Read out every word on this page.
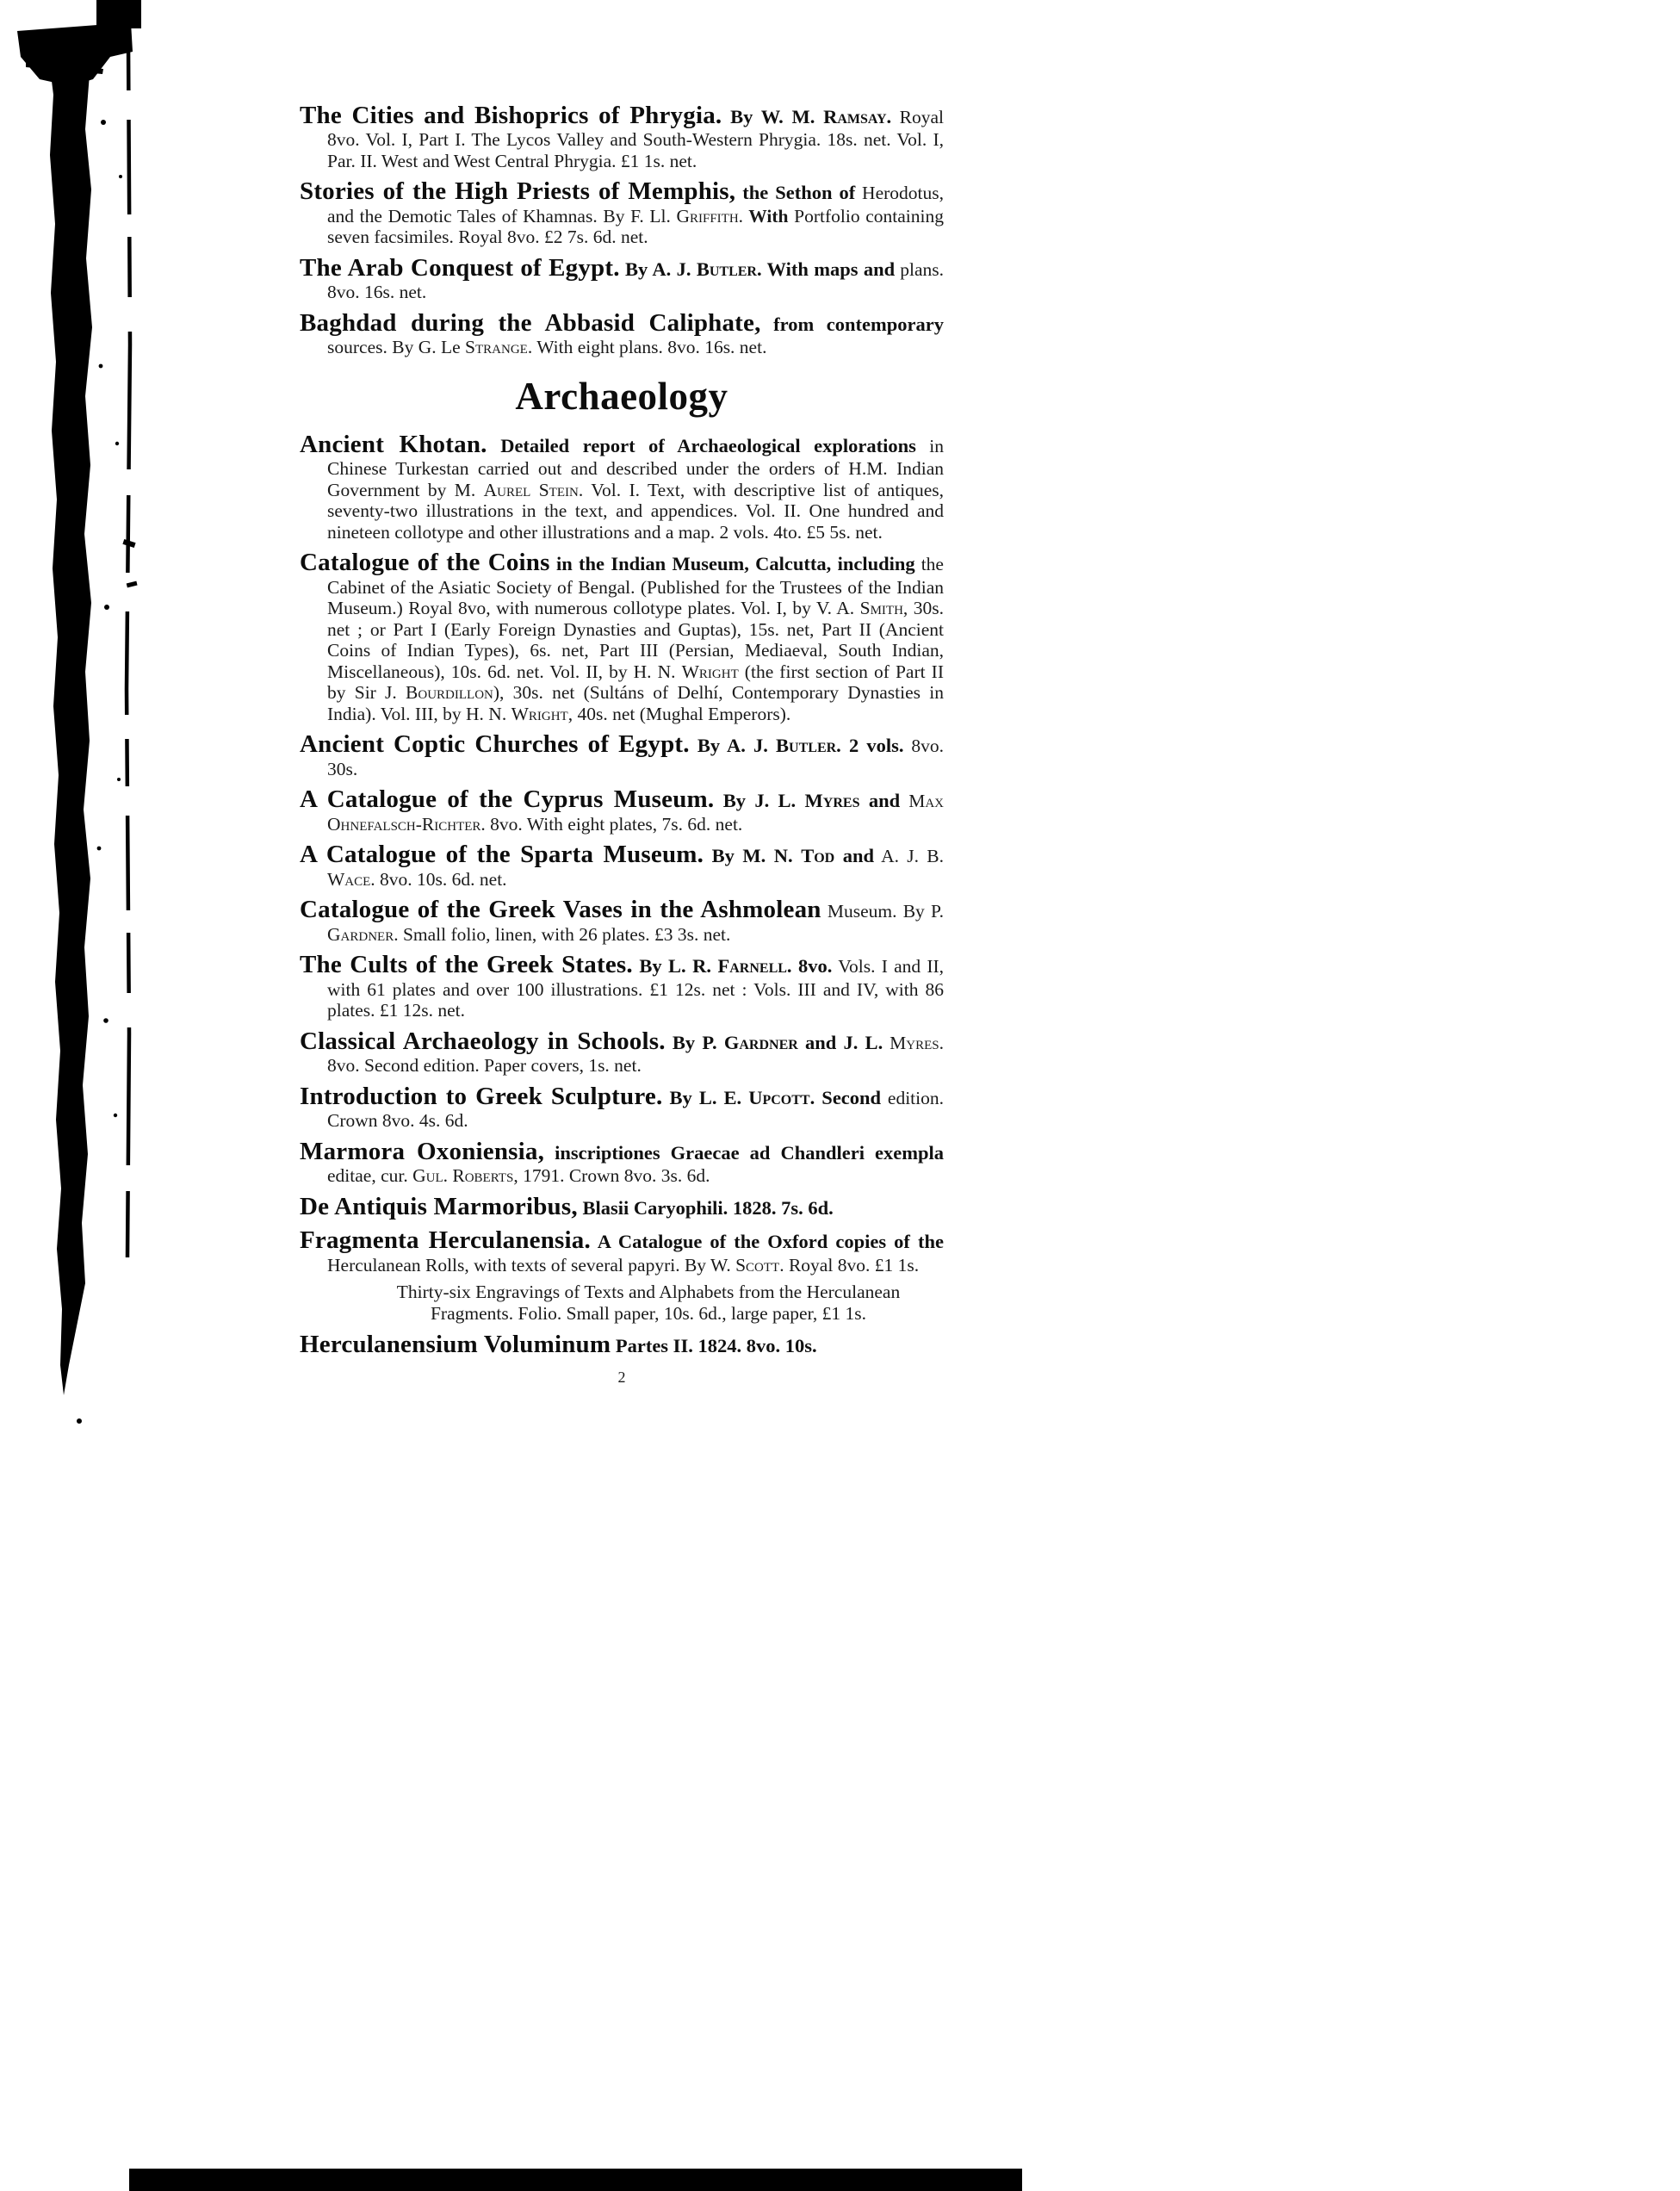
The Cities and Bishoprics of Phrygia. By W. M. Ramsay. Royal 8vo. Vol. I, Part I. The Lycos Valley and South-Western Phrygia. 18s. net. Vol. I, Par. II. West and West Central Phrygia. £1 1s. net.

Stories of the High Priests of Memphis, the Sethon of Herodotus, and the Demotic Tales of Khamnas. By F. Ll. Griffith. With Portfolio containing seven facsimiles. Royal 8vo. £2 7s. 6d. net.

The Arab Conquest of Egypt. By A. J. Butler. With maps and plans. 8vo. 16s. net.

Baghdad during the Abbasid Caliphate, from contemporary sources. By G. Le Strange. With eight plans. 8vo. 16s. net.

Archaeology

Ancient Khotan. Detailed report of Archaeological explorations in Chinese Turkestan carried out and described under the orders of H.M. Indian Government by M. Aurel Stein. Vol. I. Text, with descriptive list of antiques, seventy-two illustrations in the text, and appendices. Vol. II. One hundred and nineteen collotype and other illustrations and a map. 2 vols. 4to. £5 5s. net.

Catalogue of the Coins in the Indian Museum, Calcutta, including the Cabinet of the Asiatic Society of Bengal. (Published for the Trustees of the Indian Museum.) Royal 8vo, with numerous collotype plates. Vol. I, by V. A. Smith, 30s. net ; or Part I (Early Foreign Dynasties and Guptas), 15s. net, Part II (Ancient Coins of Indian Types), 6s. net, Part III (Persian, Mediaeval, South Indian, Miscellaneous), 10s. 6d. net. Vol. II, by H. N. Wright (the first section of Part II by Sir J. Bourdillon), 30s. net (Sultáns of Delhí, Contemporary Dynasties in India). Vol. III, by H. N. Wright, 40s. net (Mughal Emperors).

Ancient Coptic Churches of Egypt. By A. J. Butler. 2 vols. 8vo. 30s.

A Catalogue of the Cyprus Museum. By J. L. Myres and Max Ohnefalsch-Richter. 8vo. With eight plates, 7s. 6d. net.

A Catalogue of the Sparta Museum. By M. N. Tod and A. J. B. Wace. 8vo. 10s. 6d. net.

Catalogue of the Greek Vases in the Ashmolean Museum. By P. Gardner. Small folio, linen, with 26 plates. £3 3s. net.

The Cults of the Greek States. By L. R. Farnell. 8vo. Vols. I and II, with 61 plates and over 100 illustrations. £1 12s. net : Vols. III and IV, with 86 plates. £1 12s. net.

Classical Archaeology in Schools. By P. Gardner and J. L. Myres. 8vo. Second edition. Paper covers, 1s. net.

Introduction to Greek Sculpture. By L. E. Upcott. Second edition. Crown 8vo. 4s. 6d.

Marmora Oxoniensia, inscriptiones Graecae ad Chandleri exempla editae, cur. Gul. Roberts, 1791. Crown 8vo. 3s. 6d.

De Antiquis Marmoribus, Blasii Caryophili. 1828. 7s. 6d.

Fragmenta Herculanensia. A Catalogue of the Oxford copies of the Herculanean Rolls, with texts of several papyri. By W. Scott. Royal 8vo. £1 1s.

Thirty-six Engravings of Texts and Alphabets from the Herculanean Fragments. Folio. Small paper, 10s. 6d., large paper, £1 1s.

Herculanensium Voluminum Partes II. 1824. 8vo. 10s.

2
